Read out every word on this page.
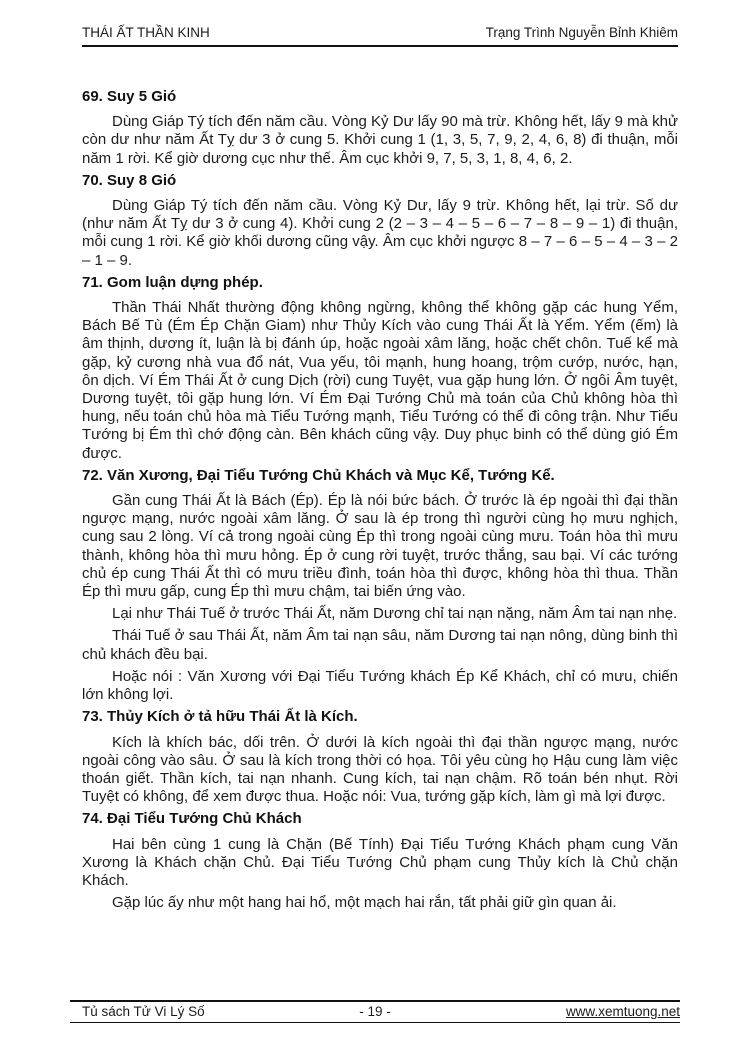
THÁI ẤT THẦN KINH	Trạng Trình Nguyễn Bỉnh Khiêm
69. Suy 5 Gió

Dùng Giáp Tý tích đến năm cầu. Vòng Kỷ Dư lấy 90 mà trừ. Không hết, lấy 9 mà khử còn dư như năm Ất Tỵ dư 3 ở cung 5. Khởi cung 1 (1, 3, 5, 7, 9, 2, 4, 6, 8) đi thuận, mỗi năm 1 rời. Kể giờ dương cục như thế. Âm cục khởi 9, 7, 5, 3, 1, 8, 4, 6, 2.

70. Suy 8 Gió

Dùng Giáp Tý tích đến năm cầu. Vòng Kỷ Dư, lấy 9 trừ. Không hết, lại trừ. Số dư (như năm Ất Tỵ dư 3 ở cung 4). Khởi cung 2 (2 – 3 – 4 – 5 – 6 – 7 – 8 – 9 – 1) đi thuận, mỗi cung 1 rời. Kể giờ khối dương cũng vậy. Âm cục khởi ngược 8 – 7 – 6 – 5 – 4 – 3 – 2 – 1 – 9.

71. Gom luận dựng phép.

Thần Thái Nhất thường động không ngừng, không thể không gặp các hung Yểm, Bách Bế Tù (Ém Ép Chặn Giam) như Thủy Kích vào cung Thái Ất là Yểm. Yểm (ếm) là âm thịnh, dương ít, luận là bị đánh úp, hoặc ngoài xâm lăng, hoặc chết chôn. Tuế kể mà gặp, kỷ cương nhà vua đổ nát, Vua yếu, tôi mạnh, hung hoang, trộm cướp, nước, hạn, ôn dịch. Ví Ém Thái Ất ở cung Dịch (rời) cung Tuyệt, vua gặp hung lớn. Ở ngôi Âm tuyệt, Dương tuyệt, tôi gặp hung lớn. Ví Ém Đại Tướng Chủ mà toán của Chủ không hòa thì hung, nếu toán chủ hòa mà Tiểu Tướng mạnh, Tiểu Tướng có thể đi công trận. Như Tiểu Tướng bị Ém thì chớ động càn. Bên khách cũng vậy. Duy phục binh có thể dùng gió Ém được.

72. Văn Xương, Đại Tiểu Tướng Chủ Khách và Mục Kể, Tướng Kể.

Gần cung Thái Ất là Bách (Ép). Ép là nói bức bách. Ở trước là ép ngoài thì đại thần ngược mạng, nước ngoài xâm lăng. Ở sau là ép trong thì người cùng họ mưu nghịch, cung sau 2 lòng. Ví cả trong ngoài cùng Ép thì trong ngoài cùng mưu. Toán hòa thì mưu thành, không hòa thì mưu hỏng. Ép ở cung rời tuyệt, trước thắng, sau bại. Ví các tướng chủ ép cung Thái Ất thì có mưu triều đình, toán hòa thì được, không hòa thì thua. Thần Ép thì mưu gấp, cung Ép thì mưu chậm, tai biến ứng vào.

Lại như Thái Tuế ở trước Thái Ất, năm Dương chỉ tai nạn nặng, năm Âm tai nạn nhẹ.

Thái Tuế ở sau Thái Ất, năm Âm tai nạn sâu, năm Dương tai nạn nông, dùng binh thì chủ khách đều bại.

Hoặc nói : Văn Xương với Đại Tiểu Tướng khách Ép Kể Khách, chỉ có mưu, chiến lớn không lợi.

73. Thủy Kích ở tả hữu Thái Ất là Kích.

Kích là khích bác, dối trên. Ở dưới là kích ngoài thì đại thần ngược mạng, nước ngoài công vào sâu. Ở sau là kích trong thời có họa. Tôi yêu cùng họ Hậu cung làm việc thoán giết. Thần kích, tai nạn nhanh. Cung kích, tai nạn chậm. Rõ toán bén nhụt. Rời Tuyệt có không, để xem được thua. Hoặc nói: Vua, tướng gặp kích, làm gì mà lợi được.

74. Đại Tiểu Tướng Chủ Khách

Hai bên cùng 1 cung là Chặn (Bế Tính) Đại Tiểu Tướng Khách phạm cung Văn Xương là Khách chặn Chủ. Đại Tiểu Tướng Chủ phạm cung Thủy kích là Chủ chặn Khách.

Gặp lúc ấy như một hang hai hổ, một mạch hai rắn, tất phải giữ gìn quan ải.

Tủ sách Tử Vi Lý Số	- 19 -	www.xemtuong.net
